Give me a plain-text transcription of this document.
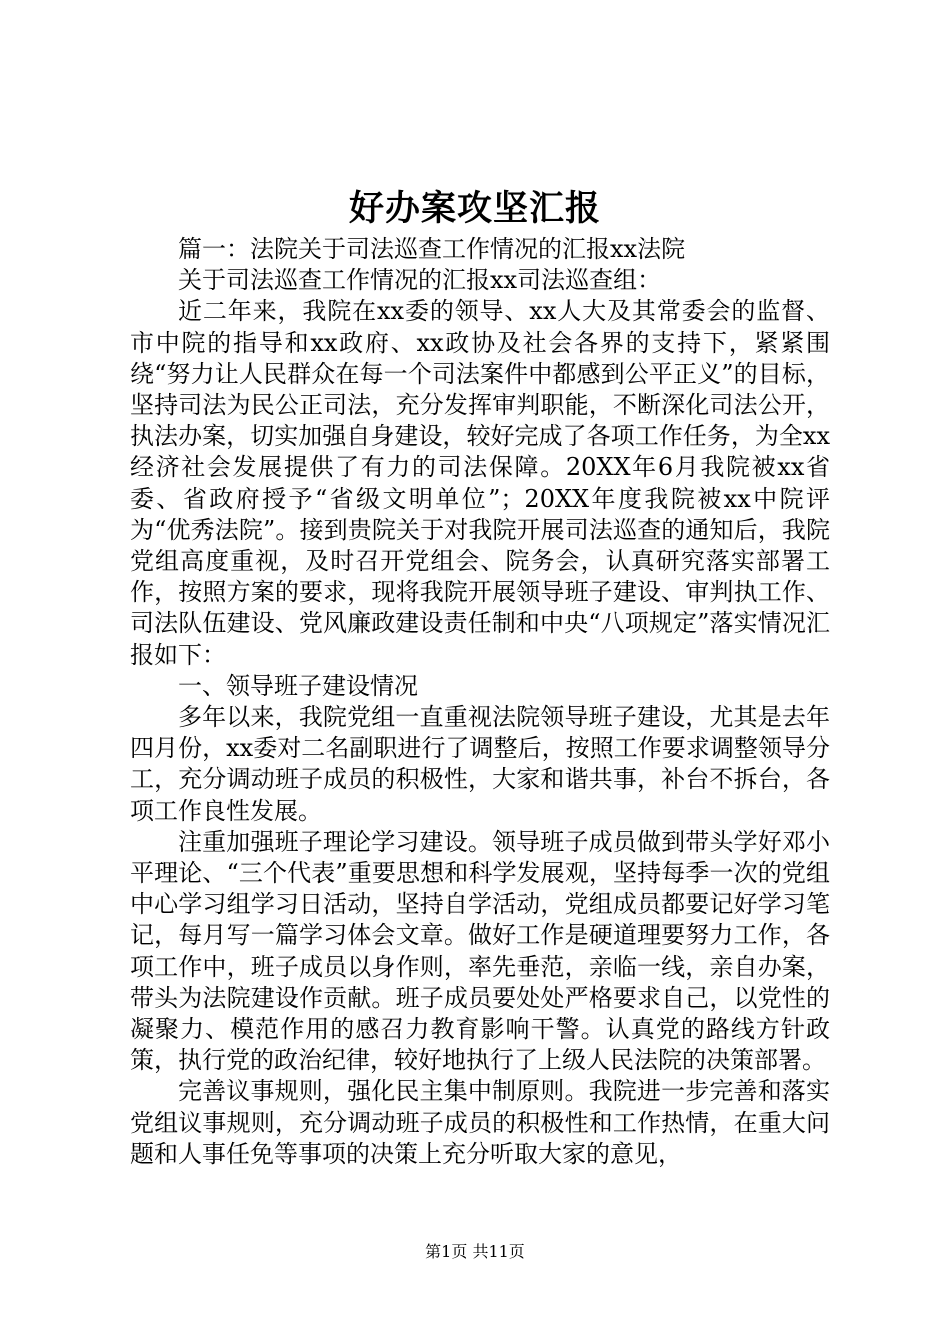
好办案攻坚汇报

篇一：法院关于司法巡查工作情况的汇报xx法院

关于司法巡查工作情况的汇报xx司法巡查组：

近二年来，我院在xx委的领导、xx人大及其常委会的监督、市中院的指导和xx政府、xx政协及社会各界的支持下，紧紧围绕“努力让人民群众在每一个司法案件中都感到公平正义”的目标，坚持司法为民公正司法，充分发挥审判职能，不断深化司法公开，执法办案，切实加强自身建设，较好完成了各项工作任务，为全xx经济社会发展提供了有力的司法保障。20XX年6月我院被xx省委、省政府授予“省级文明单位”；20XX年度我院被xx中院评为“优秀法院”。接到贵院关于对我院开展司法巡查的通知后，我院党组高度重视，及时召开党组会、院务会，认真研究落实部署工作，按照方案的要求，现将我院开展领导班子建设、审判执工作、司法队伍建设、党风廉政建设责任制和中央“八项规定”落实情况汇报如下：

一、领导班子建设情况

多年以来，我院党组一直重视法院领导班子建设，尤其是去年四月份，xx委对二名副职进行了调整后，按照工作要求调整领导分工，充分调动班子成员的积极性，大家和谐共事，补台不拆台，各项工作良性发展。

注重加强班子理论学习建设。领导班子成员做到带头学好邓小平理论、“三个代表”重要思想和科学发展观，坚持每季一次的党组中心学习组学习日活动，坚持自学活动，党组成员都要记好学习笔记，每月写一篇学习体会文章。做好工作是硬道理要努力工作，各项工作中，班子成员以身作则，率先垂范，亲临一线，亲自办案，带头为法院建设作贡献。班子成员要处处严格要求自己，以党性的凝聚力、模范作用的感召力教育影响干警。认真党的路线方针政策，执行党的政治纪律，较好地执行了上级人民法院的决策部署。

完善议事规则，强化民主集中制原则。我院进一步完善和落实党组议事规则，充分调动班子成员的积极性和工作热情，在重大问题和人事任免等事项的决策上充分听取大家的意见，

第1页 共11页
